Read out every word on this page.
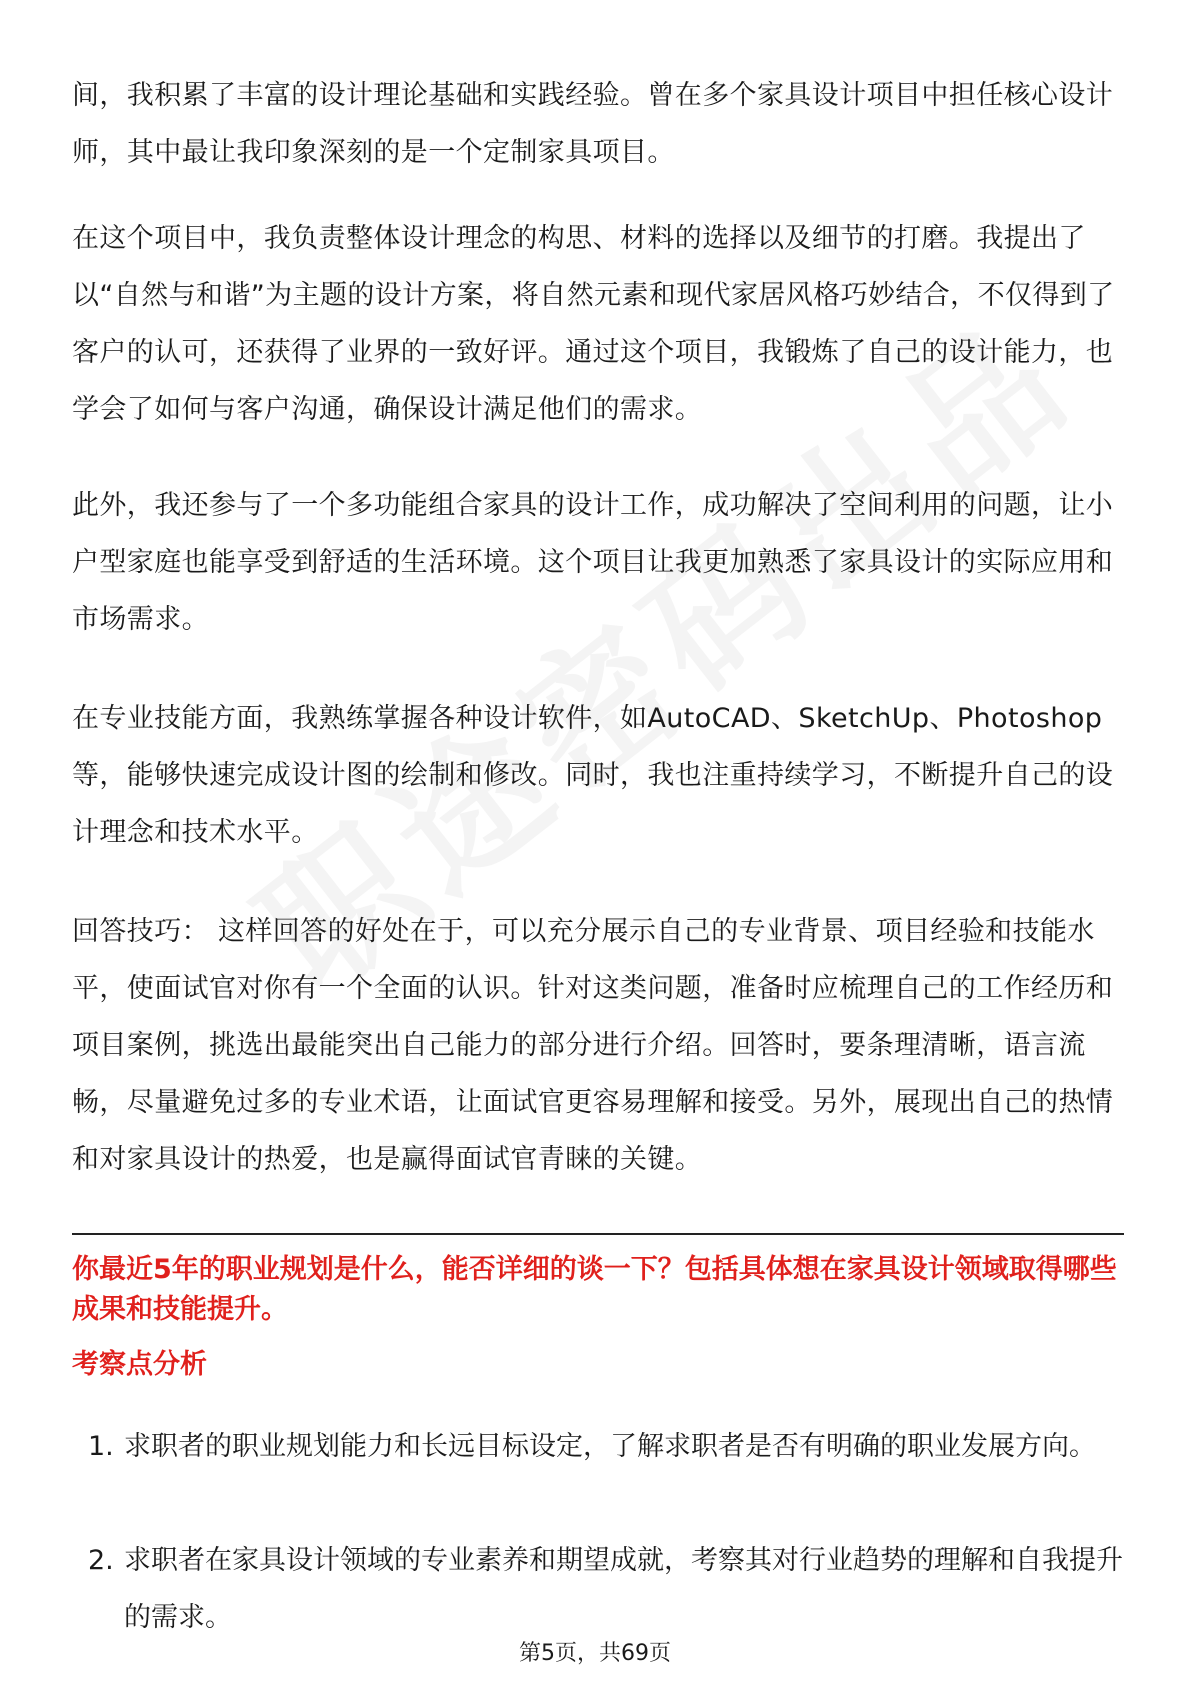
间，我积累了丰富的设计理论基础和实践经验。曾在多个家具设计项目中担任核心设计师，其中最让我印象深刻的是一个定制家具项目。

在这个项目中，我负责整体设计理念的构思、材料的选择以及细节的打磨。我提出了以“自然与和谐”为主题的设计方案，将自然元素和现代家居风格巧妙结合，不仅得到了客户的认可，还获得了业界的一致好评。通过这个项目，我锻炼了自己的设计能力，也学会了如何与客户沟通，确保设计满足他们的需求。

此外，我还参与了一个多功能组合家具的设计工作，成功解决了空间利用的问题，让小户型家庭也能享受到舒适的生活环境。这个项目让我更加熟悉了家具设计的实际应用和市场需求。

在专业技能方面，我熟练掌握各种设计软件，如AutoCAD、SketchUp、Photoshop等，能够快速完成设计图的绘制和修改。同时，我也注重持续学习，不断提升自己的设计理念和技术水平。

回答技巧： 这样回答的好处在于，可以充分展示自己的专业背景、项目经验和技能水平，使面试官对你有一个全面的认识。针对这类问题，准备时应梳理自己的工作经历和项目案例，挑选出最能突出自己能力的部分进行介绍。回答时，要条理清晰，语言流畅，尽量避免过多的专业术语，让面试官更容易理解和接受。另外，展现出自己的热情和对家具设计的热爱，也是赢得面试官青睐的关键。

你最近5年的职业规划是什么，能否详细的谈一下？包括具体想在家具设计领域取得哪些成果和技能提升。

考察点分析

1. 求职者的职业规划能力和长远目标设定，了解求职者是否有明确的职业发展方向。
2. 求职者在家具设计领域的专业素养和期望成就，考察其对行业趋势的理解和自我提升的需求。
第5页，共69页
